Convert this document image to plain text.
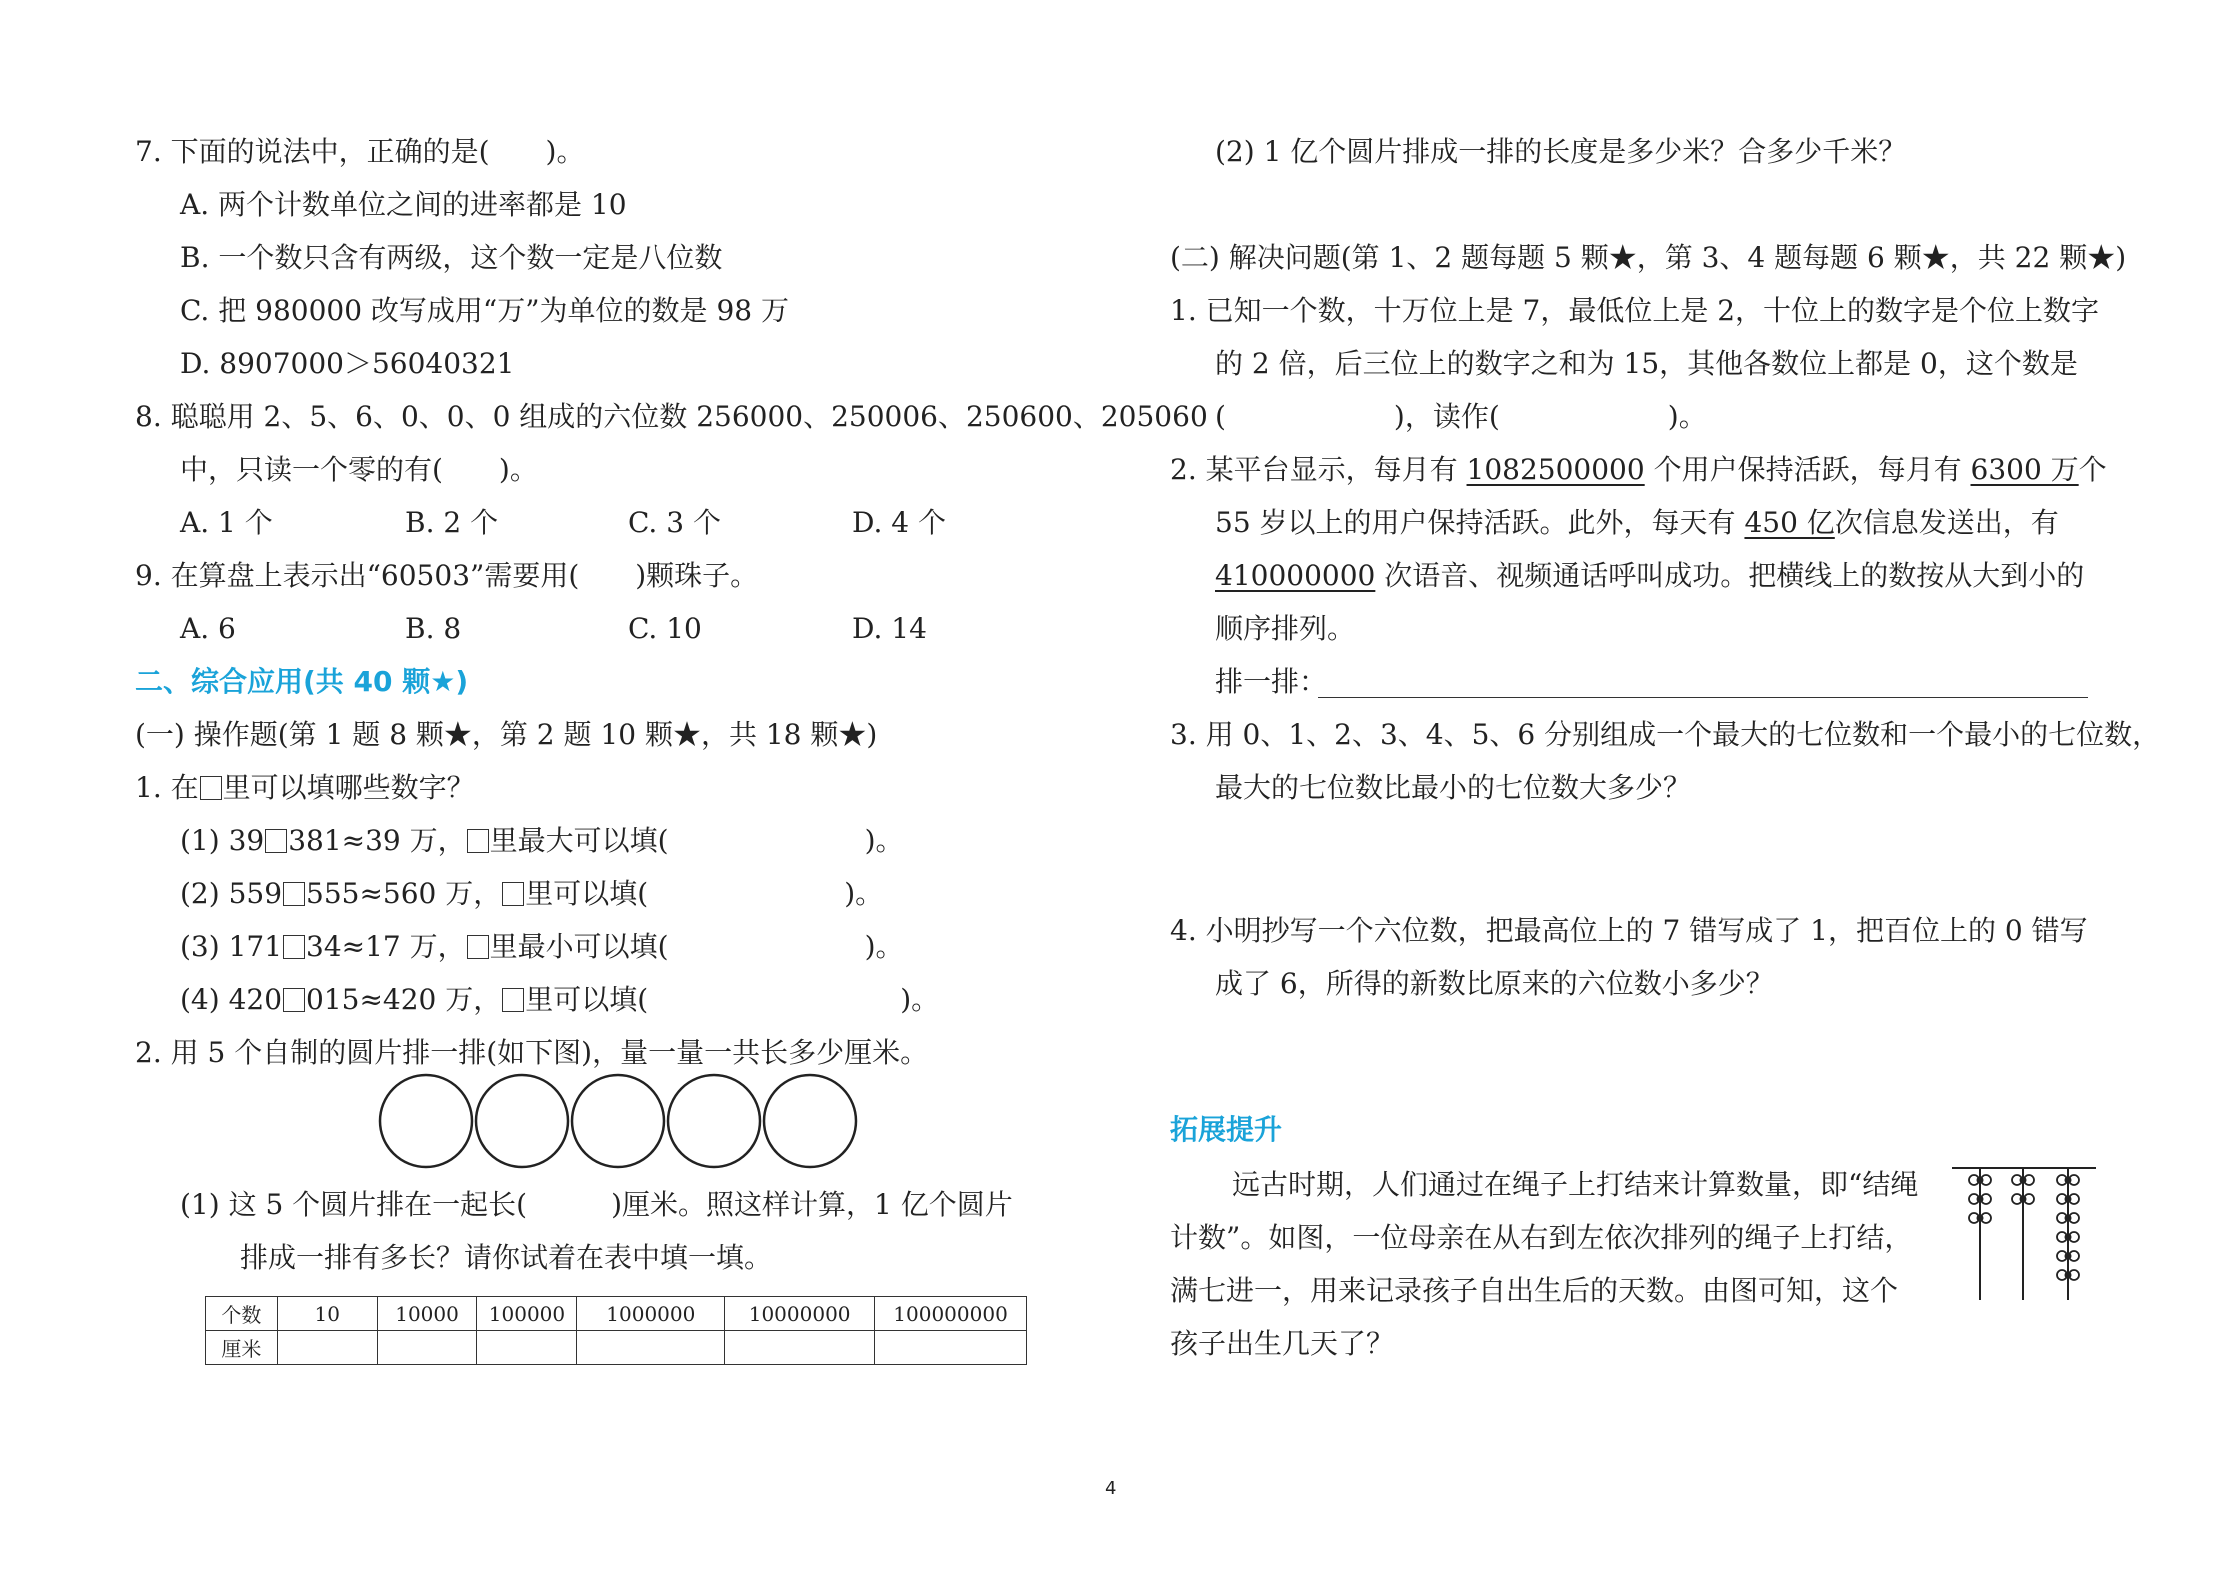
7. 下面的说法中，正确的是(　　)。
A. 两个计数单位之间的进率都是 10
B. 一个数只含有两级，这个数一定是八位数
C. 把 980000 改写成用“万”为单位的数是 98 万
D. 8907000＞56040321
8. 聪聪用 2、5、6、0、0、0 组成的六位数 256000、250006、250600、205060
中，只读一个零的有(　　)。
A. 1 个	B. 2 个	C. 3 个	D. 4 个
9. 在算盘上表示出“60503”需要用(　　)颗珠子。
A. 6	B. 8	C. 10	D. 14
二、综合应用(共 40 颗★)
(一) 操作题(第 1 题 8 颗★，第 2 题 10 颗★，共 18 颗★)
1. 在 里可以填哪些数字？
(1) 39 381≈39 万， 里最大可以填(　　　　　　　)。
(2) 559 555≈560 万， 里可以填(　　　　　　　)。
(3) 171 34≈17 万， 里最小可以填(　　　　　　　)。
(4) 420 015≈420 万， 里可以填(　　　　　　　　　)。
2. 用 5 个自制的圆片排一排(如下图)，量一量一共长多少厘米。
(1) 这 5 个圆片排在一起长(　　　)厘米。照这样计算，1 亿个圆片
排成一排有多长？请你试着在表中填一填。
个数	10	10000	100000	1000000	10000000	100000000
厘米						
(2) 1 亿个圆片排成一排的长度是多少米？合多少千米？
(二) 解决问题(第 1、2 题每题 5 颗★，第 3、4 题每题 6 颗★，共 22 颗★)
1. 已知一个数，十万位上是 7，最低位上是 2，十位上的数字是个位上数字
的 2 倍，后三位上的数字之和为 15，其他各数位上都是 0，这个数是
(　　　　　　)，读作(　　　　　　)。
2. 某平台显示，每月有 1082500000 个用户保持活跃，每月有 6300 万个
55 岁以上的用户保持活跃。此外，每天有 450 亿次信息发送出，有
410000000 次语音、视频通话呼叫成功。把横线上的数按从大到小的
顺序排列。
排一排：
3. 用 0、1、2、3、4、5、6 分别组成一个最大的七位数和一个最小的七位数，
最大的七位数比最小的七位数大多少？
4. 小明抄写一个六位数，把最高位上的 7 错写成了 1，把百位上的 0 错写
成了 6，所得的新数比原来的六位数小多少？
拓展提升
远古时期，人们通过在绳子上打结来计算数量，即“结绳
计数”。如图，一位母亲在从右到左依次排列的绳子上打结，
满七进一，用来记录孩子自出生后的天数。由图可知，这个
孩子出生几天了？
4
